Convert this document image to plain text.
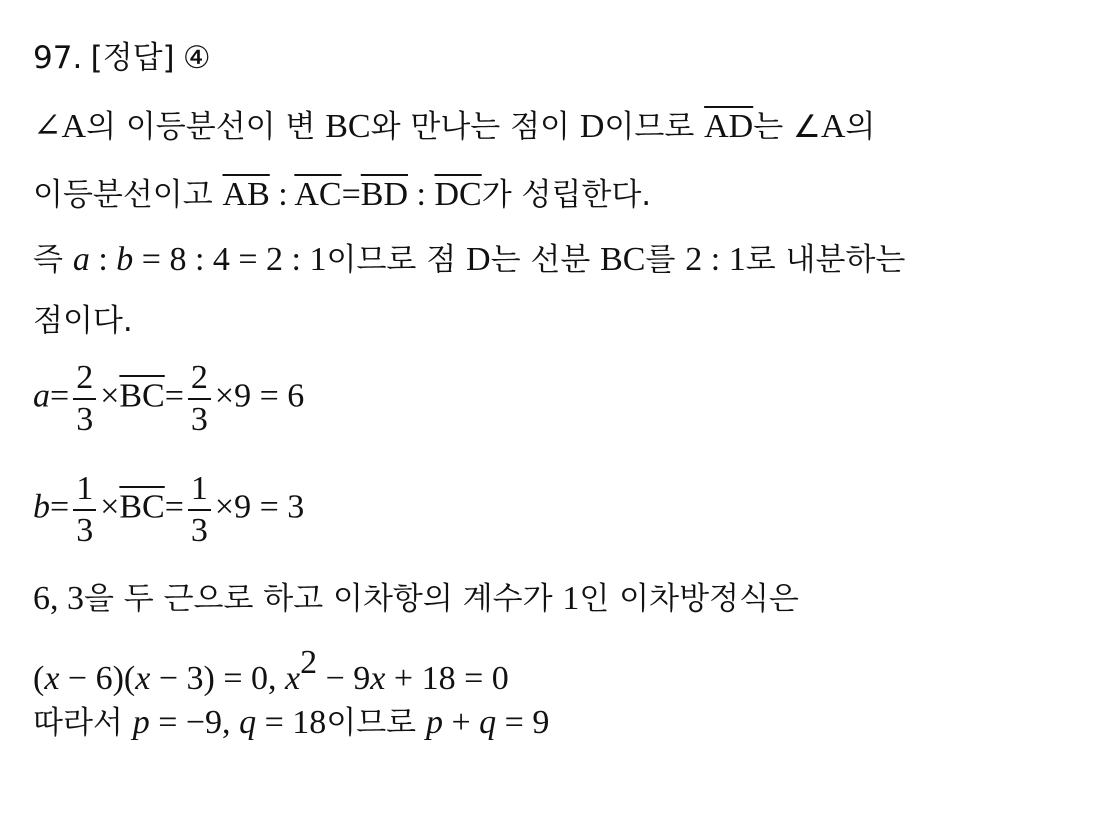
97. [정답] ④
∠A의 이등분선이 변 BC와 만나는 점이 D이므로 $\overline{AD}$는 ∠A의
이등분선이고 $\overline{AB}$ : $\overline{AC}=\overline{BD}$ : $\overline{DC}$가 성립한다.
즉 a : b = 8 : 4 = 2 : 1이므로 점 D는 선분 BC를 2 : 1로 내분하는
점이다.
$a= \frac{2}{3} \times\overline{BC}= \frac{2}{3} \times 9 = 6$
$b= \frac{1}{3} \times\overline{BC}= \frac{1}{3} \times 9 = 3$
6, 3을 두 근으로 하고 이차항의 계수가 1인 이차방정식은
(x − 6)(x − 3) = 0, $x^2 - 9x + 18 = 0$
따라서 p = −9, q = 18이므로 p + q = 9
